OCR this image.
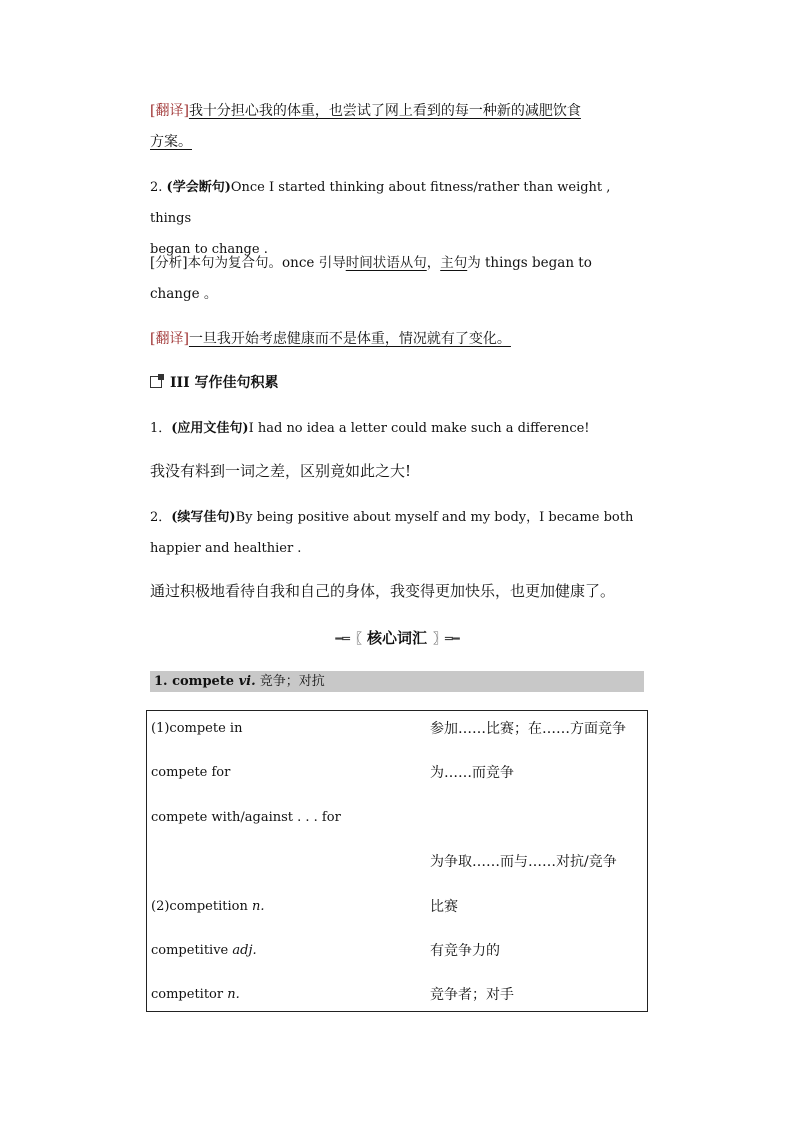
[翻译]我十分担心我的体重，也尝试了网上看到的每一种新的减肥饮食
方案。
2. (学会断句)Once I started thinking about fitness/rather than weight , things
began to change .
[分析]本句为复合句。once 引导时间状语从句，主句为 things began to
change 。
[翻译]一旦我开始考虑健康而不是体重，情况就有了变化。
III 写作佳句积累
1．(应用文佳句)I had no idea a letter could make such a difference!
我没有料到一词之差，区别竟如此之大!
2．(续写佳句)By being positive about myself and my body，I became both
happier and healthier .
通过积极地看待自我和自己的身体，我变得更加快乐，也更加健康了。
━═〖 核心词汇 〗═━
1. compete vi. 竞争；对抗
(1)compete in	参加……比赛；在……方面竞争
compete for	为……而竞争
compete with/against . . . for
为争取……而与……对抗/竞争
(2)competition n.	比赛
competitive adj.	有竞争力的
competitor n.	竞争者；对手
